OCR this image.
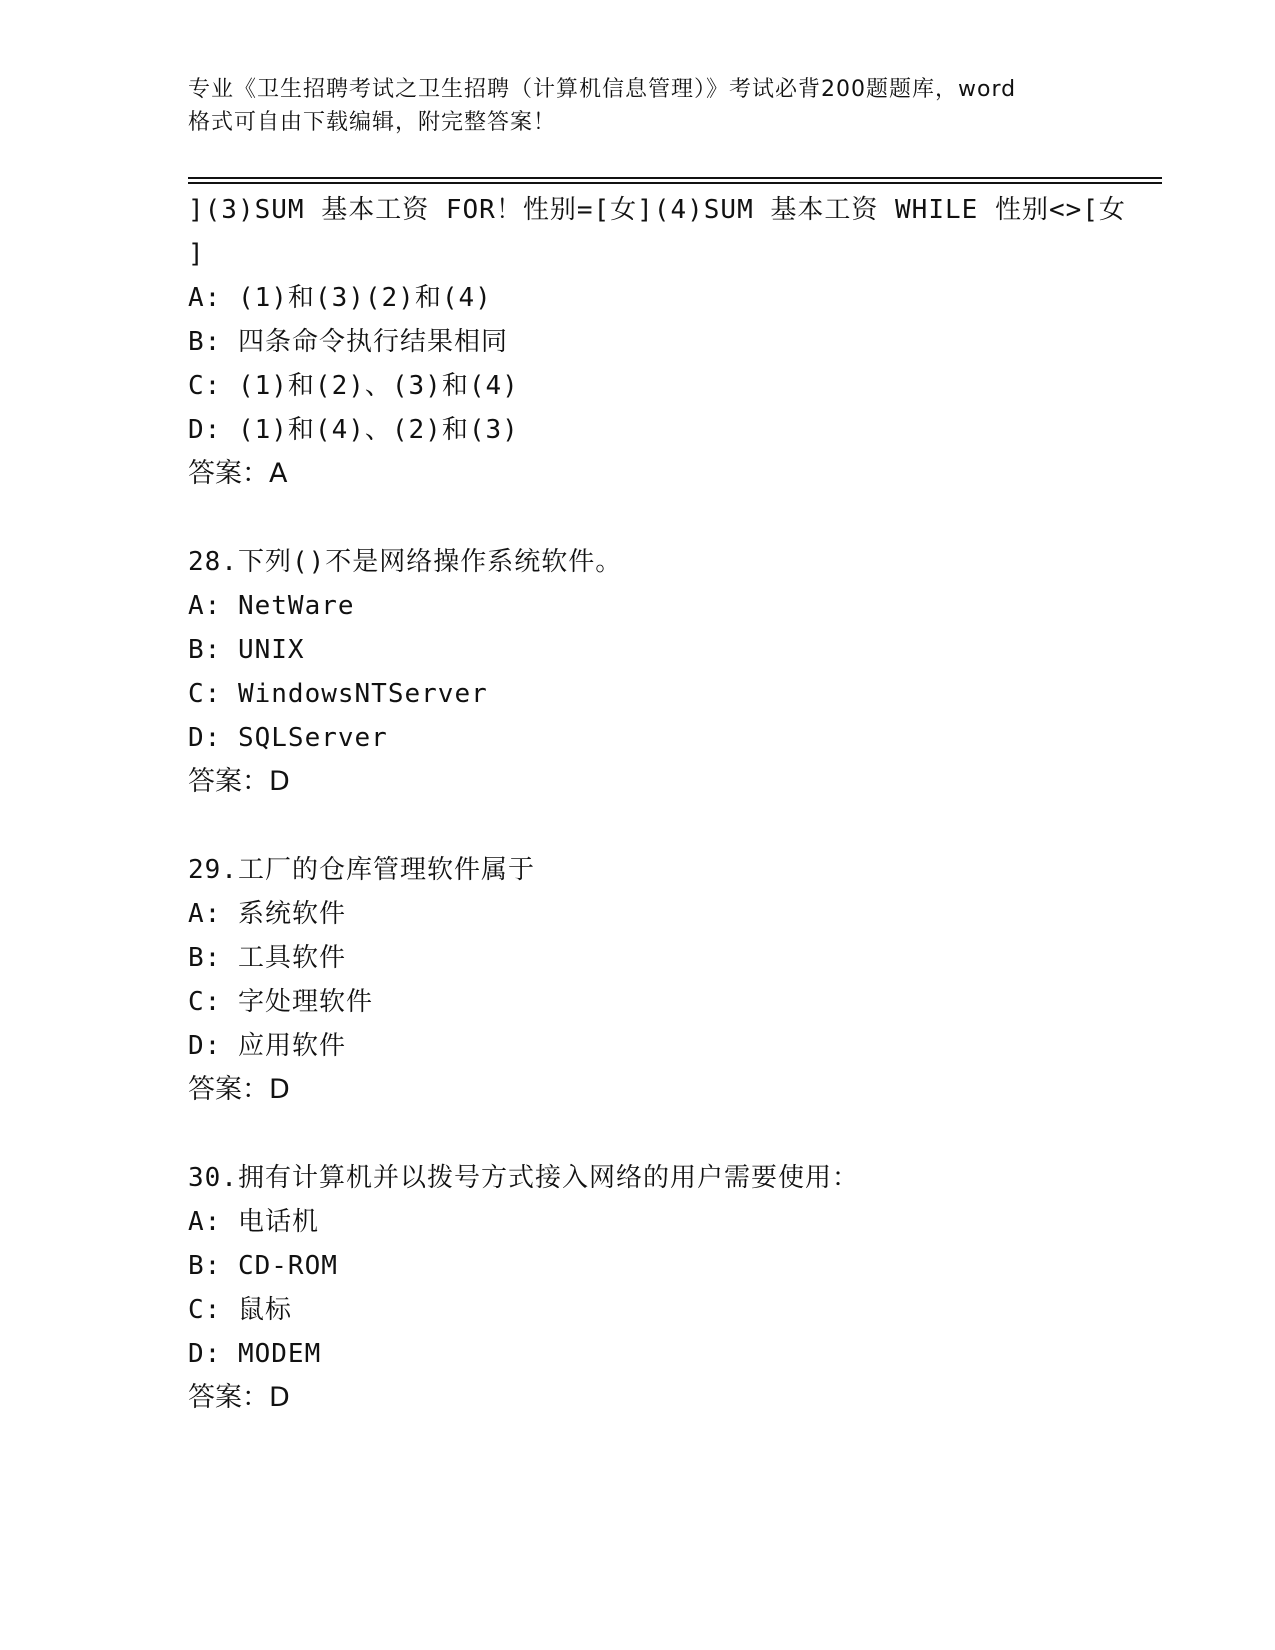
专业《卫生招聘考试之卫生招聘（计算机信息管理）》考试必背200题题库，word
格式可自由下载编辑，附完整答案！
](3)SUM 基本工资 FOR！性别=[女](4)SUM 基本工资 WHILE 性别<>[女
]
A: (1)和(3)(2)和(4)
B: 四条命令执行结果相同
C: (1)和(2)、(3)和(4)
D: (1)和(4)、(2)和(3)
答案：A
28.下列()不是网络操作系统软件。
A: NetWare
B: UNIX
C: WindowsNTServer
D: SQLServer
答案：D
29.工厂的仓库管理软件属于
A: 系统软件
B: 工具软件
C: 字处理软件
D: 应用软件
答案：D
30.拥有计算机并以拨号方式接入网络的用户需要使用：
A: 电话机
B: CD-ROM
C: 鼠标
D: MODEM
答案：D
